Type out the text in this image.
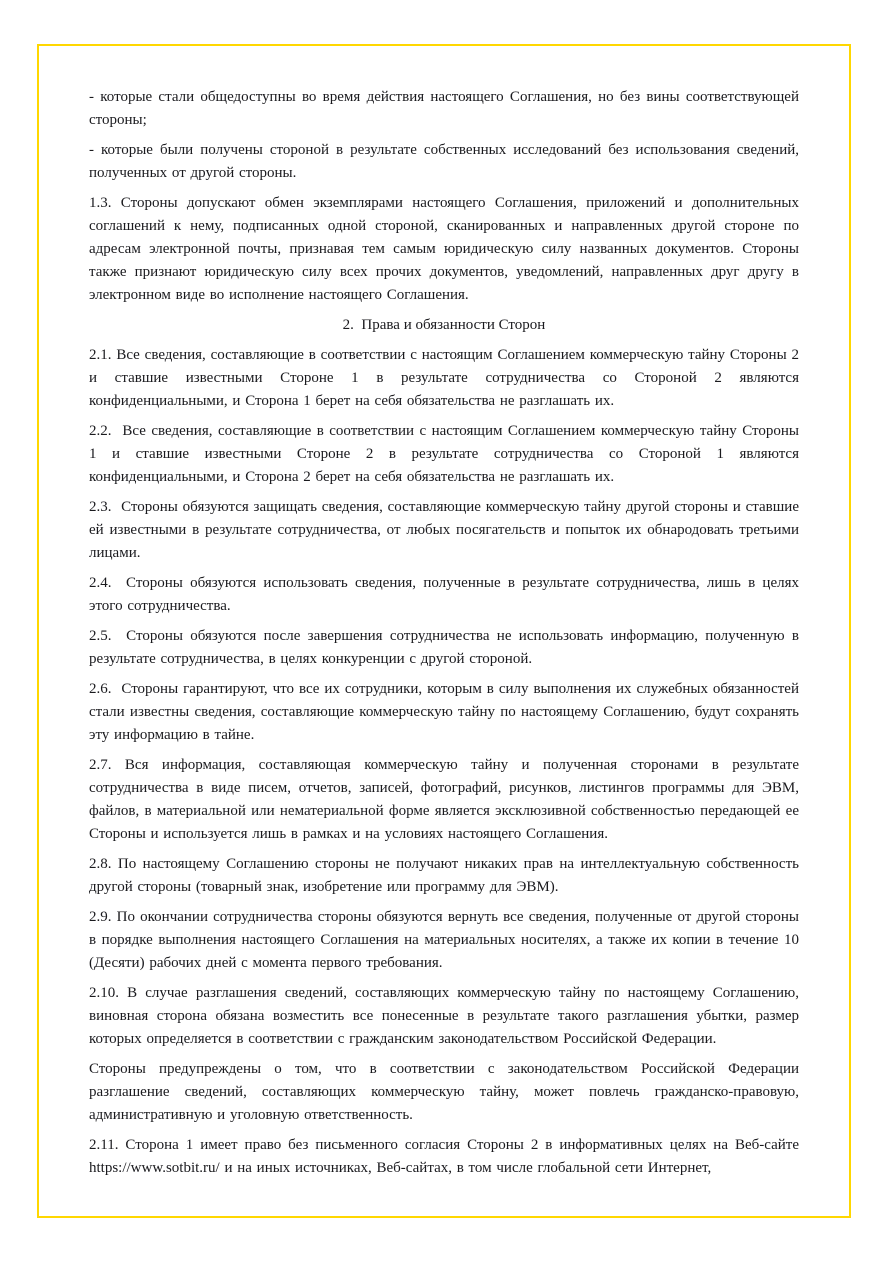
- которые стали общедоступны во время действия настоящего Соглашения, но без вины соответствующей стороны;

- которые были получены стороной в результате собственных исследований без использования сведений, полученных от другой стороны.

1.3. Стороны допускают обмен экземплярами настоящего Соглашения, приложений и дополнительных соглашений к нему, подписанных одной стороной, сканированных и направленных другой стороне по адресам электронной почты, признавая тем самым юридическую силу названных документов. Стороны также признают юридическую силу всех прочих документов, уведомлений, направленных друг другу в электронном виде во исполнение настоящего Соглашения.

2.  Права и обязанности Сторон

2.1. Все сведения, составляющие в соответствии с настоящим Соглашением коммерческую тайну Стороны 2 и ставшие известными Стороне 1 в результате сотрудничества со Стороной 2 являются конфиденциальными, и Сторона 1 берет на себя обязательства не разглашать их.

2.2.  Все сведения, составляющие в соответствии с настоящим Соглашением коммерческую тайну Стороны 1 и ставшие известными Стороне 2 в результате сотрудничества со Стороной 1 являются конфиденциальными, и Сторона 2 берет на себя обязательства не разглашать их.

2.3.  Стороны обязуются защищать сведения, составляющие коммерческую тайну другой стороны и ставшие ей известными в результате сотрудничества, от любых посягательств и попыток их обнародовать третьими лицами.

2.4.  Стороны обязуются использовать сведения, полученные в результате сотрудничества, лишь в целях этого сотрудничества.

2.5.  Стороны обязуются после завершения сотрудничества не использовать информацию, полученную в результате сотрудничества, в целях конкуренции с другой стороной.

2.6.  Стороны гарантируют, что все их сотрудники, которым в силу выполнения их служебных обязанностей стали известны сведения, составляющие коммерческую тайну по настоящему Соглашению, будут сохранять эту информацию в тайне.

2.7. Вся информация, составляющая коммерческую тайну и полученная сторонами в результате сотрудничества в виде писем, отчетов, записей, фотографий, рисунков, листингов программы для ЭВМ, файлов, в материальной или нематериальной форме является эксклюзивной собственностью передающей ее Стороны и используется лишь в рамках и на условиях настоящего Соглашения.

2.8. По настоящему Соглашению стороны не получают никаких прав на интеллектуальную собственность другой стороны (товарный знак, изобретение или программу для ЭВМ).

2.9. По окончании сотрудничества стороны обязуются вернуть все сведения, полученные от другой стороны в порядке выполнения настоящего Соглашения на материальных носителях, а также их копии в течение 10 (Десяти) рабочих дней с момента первого требования.

2.10. В случае разглашения сведений, составляющих коммерческую тайну по настоящему Соглашению, виновная сторона обязана возместить все понесенные в результате такого разглашения убытки, размер которых определяется в соответствии с гражданским законодательством Российской Федерации.

Стороны предупреждены о том, что в соответствии с законодательством Российской Федерации разглашение сведений, составляющих коммерческую тайну, может повлечь гражданско-правовую, административную и уголовную ответственность.

2.11. Сторона 1 имеет право без письменного согласия Стороны 2 в информативных целях на Веб-сайте https://www.sotbit.ru/ и на иных источниках, Веб-сайтах, в том числе глобальной сети Интернет,
